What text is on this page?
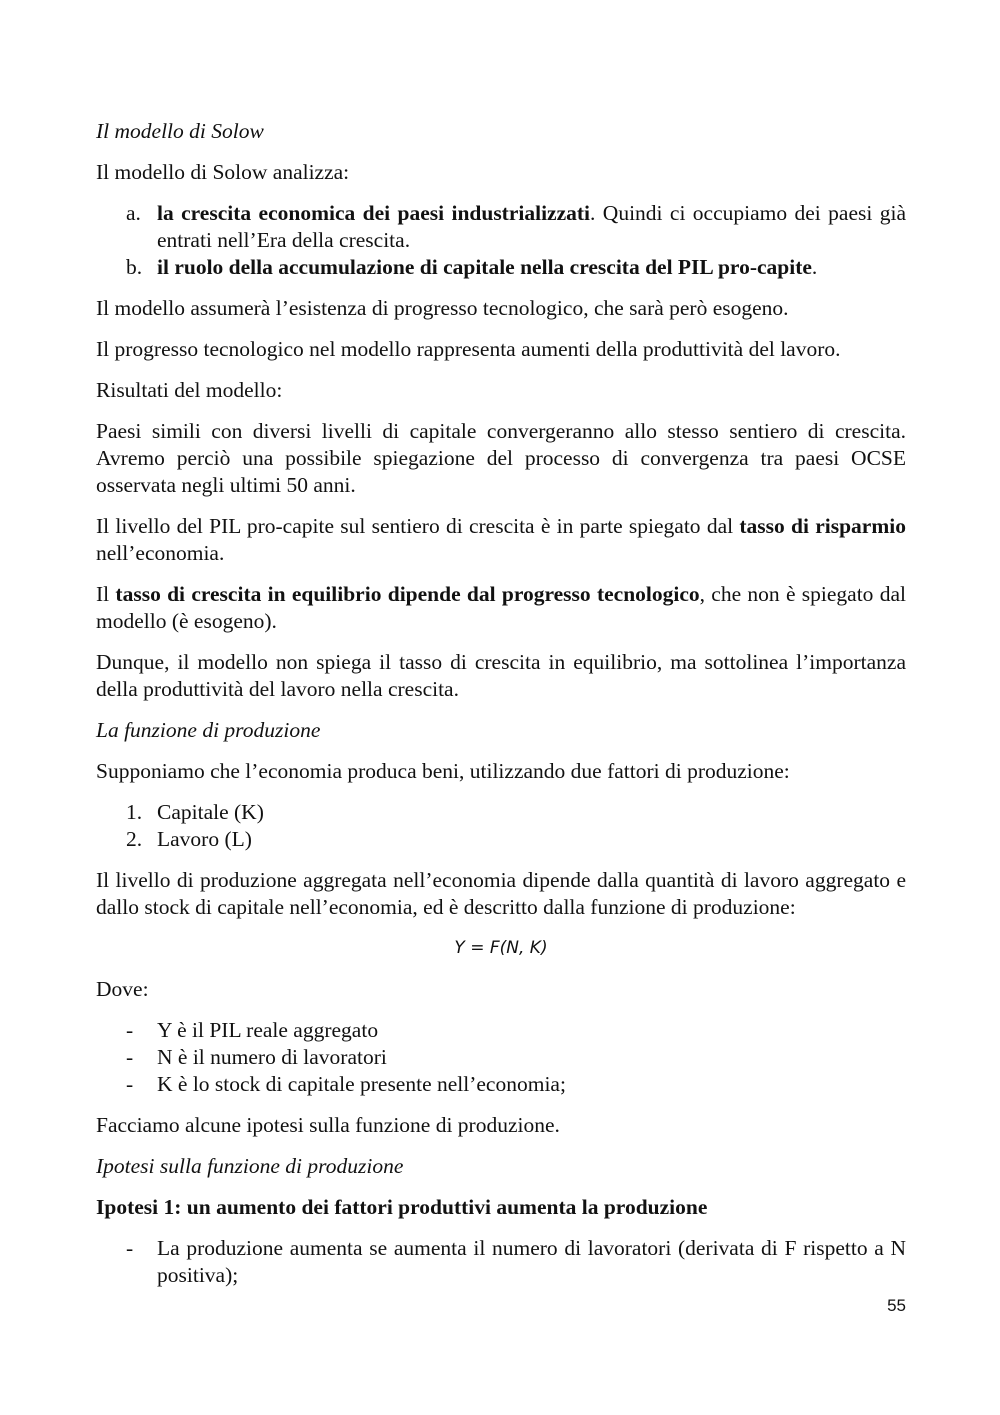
Il modello di Solow

Il modello di Solow analizza:

a. la crescita economica dei paesi industrializzati. Quindi ci occupiamo dei paesi già entrati nell’Era della crescita.
b. il ruolo della accumulazione di capitale nella crescita del PIL pro-capite.

Il modello assumerà l’esistenza di progresso tecnologico, che sarà però esogeno.

Il progresso tecnologico nel modello rappresenta aumenti della produttività del lavoro.

Risultati del modello:

Paesi simili con diversi livelli di capitale convergeranno allo stesso sentiero di crescita. Avremo perciò una possibile spiegazione del processo di convergenza tra paesi OCSE osservata negli ultimi 50 anni.

Il livello del PIL pro-capite sul sentiero di crescita è in parte spiegato dal tasso di risparmio nell’economia.

Il tasso di crescita in equilibrio dipende dal progresso tecnologico, che non è spiegato dal modello (è esogeno).

Dunque, il modello non spiega il tasso di crescita in equilibrio, ma sottolinea l’importanza della produttività del lavoro nella crescita.

La funzione di produzione

Supponiamo che l’economia produca beni, utilizzando due fattori di produzione:

1. Capitale (K)
2. Lavoro (L)

Il livello di produzione aggregata nell’economia dipende dalla quantità di lavoro aggregato e dallo stock di capitale nell’economia, ed è descritto dalla funzione di produzione:

Y = F(N, K)

Dove:

- Y è il PIL reale aggregato
- N è il numero di lavoratori
- K è lo stock di capitale presente nell’economia;

Facciamo alcune ipotesi sulla funzione di produzione.

Ipotesi sulla funzione di produzione

Ipotesi 1: un aumento dei fattori produttivi aumenta la produzione

- La produzione aumenta se aumenta il numero di lavoratori (derivata di F rispetto a N positiva);
55
